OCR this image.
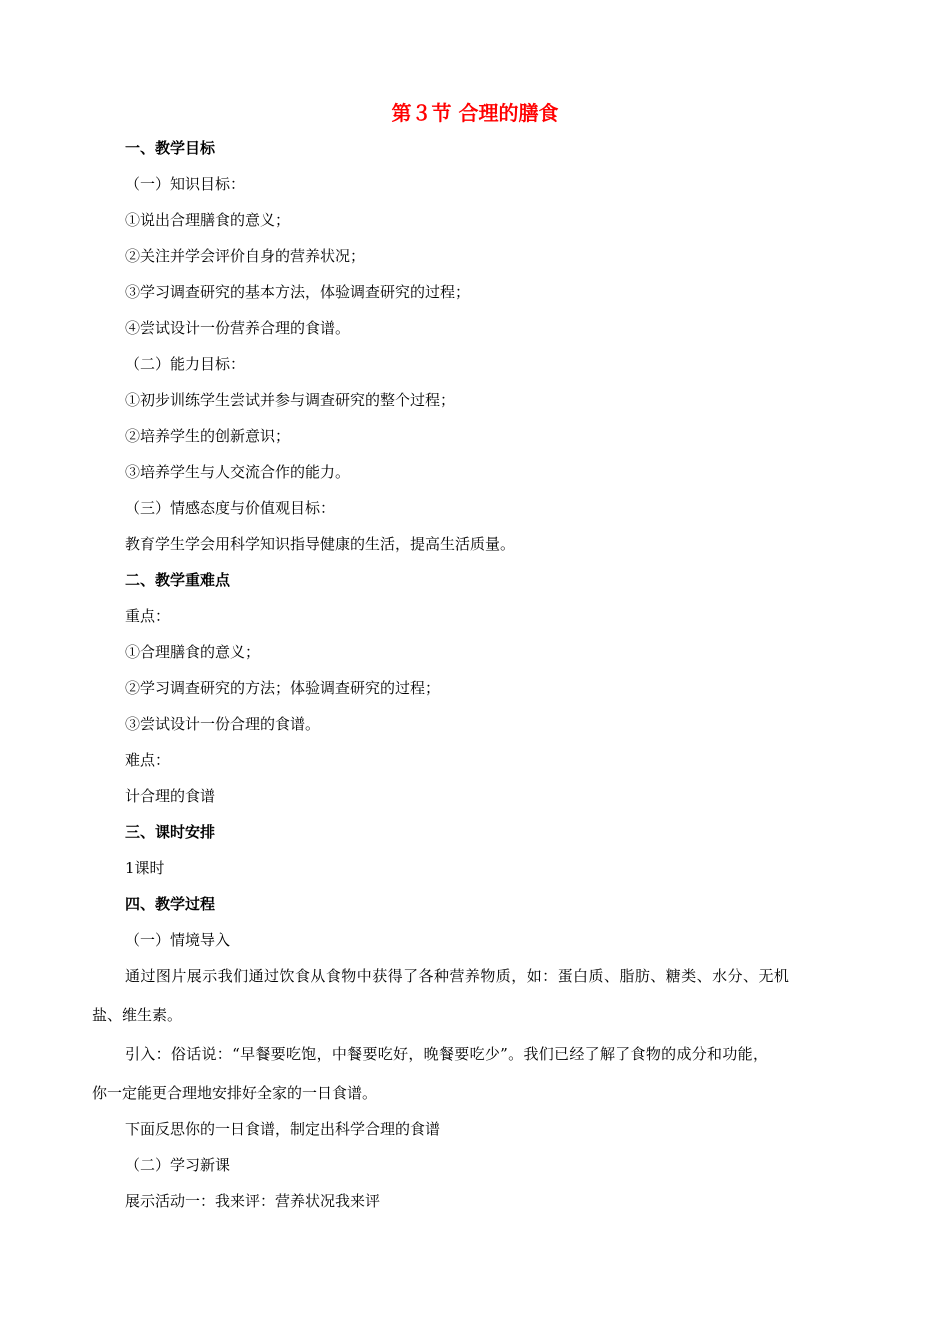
第３节 合理的膳食

一、教学目标

（一）知识目标：

①说出合理膳食的意义；

②关注并学会评价自身的营养状况；

③学习调查研究的基本方法，体验调查研究的过程；

④尝试设计一份营养合理的食谱。

（二）能力目标：

①初步训练学生尝试并参与调查研究的整个过程；

②培养学生的创新意识；

③培养学生与人交流合作的能力。

（三）情感态度与价值观目标：

教育学生学会用科学知识指导健康的生活，提高生活质量。

二、教学重难点

重点：

①合理膳食的意义；

②学习调查研究的方法；体验调查研究的过程；

③尝试设计一份合理的食谱。

难点：

计合理的食谱

三、课时安排

1课时

四、教学过程

（一）情境导入

通过图片展示我们通过饮食从食物中获得了各种营养物质，如：蛋白质、脂肪、糖类、水分、无机

盐、维生素。

引入：俗话说：“早餐要吃饱，中餐要吃好，晚餐要吃少”。我们已经了解了食物的成分和功能，

你一定能更合理地安排好全家的一日食谱。

下面反思你的一日食谱，制定出科学合理的食谱

（二）学习新课

展示活动一：我来评：营养状况我来评
